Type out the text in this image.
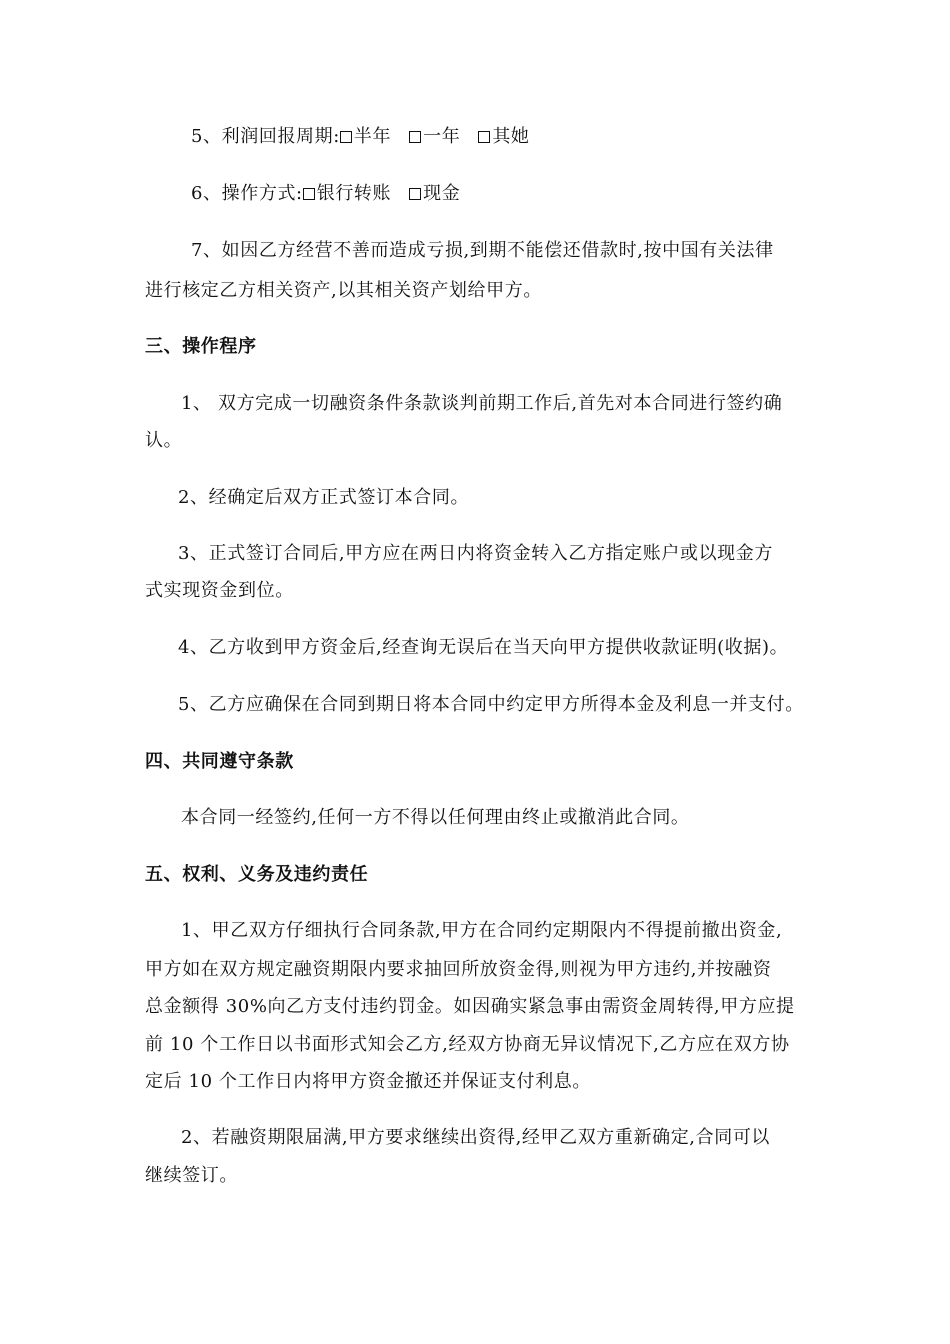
5、利润回报周期: 半年 一年 其她
6、操作方式: 银行转账 现金
7、如因乙方经营不善而造成亏损,到期不能偿还借款时,按中国有关法律
进行核定乙方相关资产,以其相关资产划给甲方。
三、操作程序
1、 双方完成一切融资条件条款谈判前期工作后,首先对本合同进行签约确
认。
2、经确定后双方正式签订本合同。
3、正式签订合同后,甲方应在两日内将资金转入乙方指定账户或以现金方
式实现资金到位。
4、乙方收到甲方资金后,经查询无误后在当天向甲方提供收款证明(收据)。
5、乙方应确保在合同到期日将本合同中约定甲方所得本金及利息一并支付。
四、共同遵守条款
本合同一经签约,任何一方不得以任何理由终止或撤消此合同。
五、权利、义务及违约责任
1、甲乙双方仔细执行合同条款,甲方在合同约定期限内不得提前撤出资金,
甲方如在双方规定融资期限内要求抽回所放资金得,则视为甲方违约,并按融资
总金额得 30%向乙方支付违约罚金。如因确实紧急事由需资金周转得,甲方应提
前 10 个工作日以书面形式知会乙方,经双方协商无异议情况下,乙方应在双方协
定后 10 个工作日内将甲方资金撤还并保证支付利息。
2、若融资期限届满,甲方要求继续出资得,经甲乙双方重新确定,合同可以
继续签订。
